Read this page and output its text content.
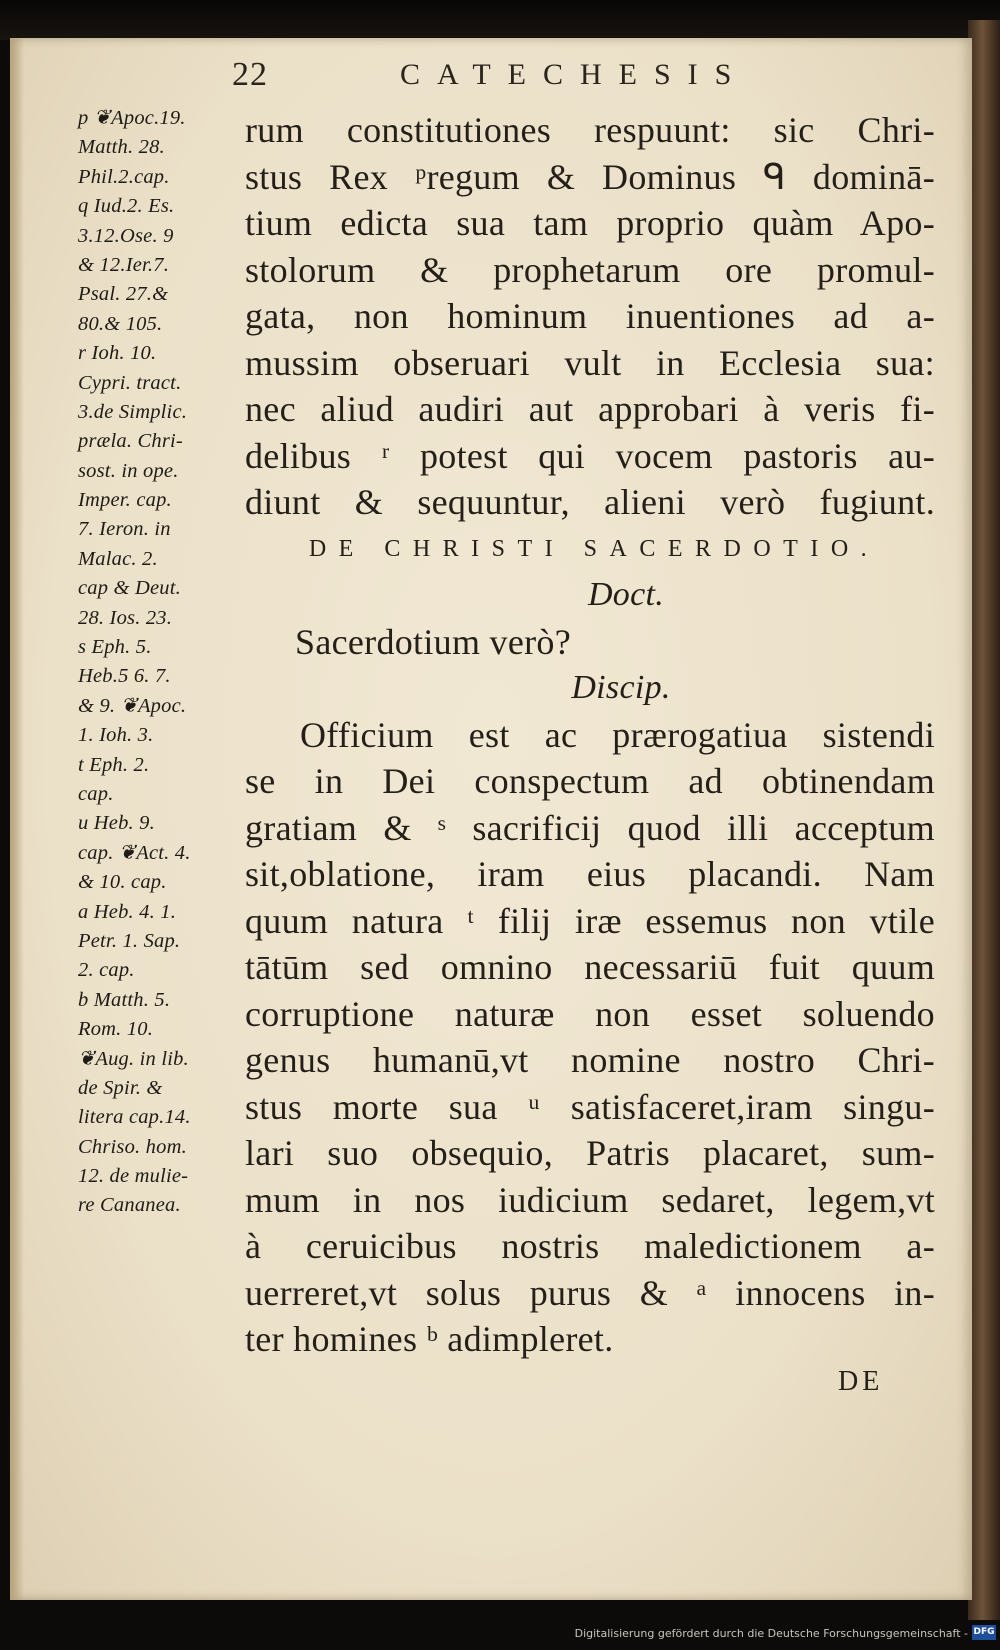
22	CATECHESIS
p ❦Apoc.19.
Matth. 28.
Phil.2.cap.
q Iud.2. Es.
3.12.Ose. 9
& 12.Ier.7.
Psal. 27.&
80.& 105.
r Ioh. 10.
Cypri. tract.
3.de Simplic.
præla. Chri-
sost. in ope.
Imper. cap.
7. Ieron. in
Malac. 2.
cap & Deut.
28. Ios. 23.
s Eph. 5.
Heb.5 6. 7.
& 9. ❦Apoc.
1. Ioh. 3.
t Eph. 2.
cap.
u Heb. 9.
cap. ❦Act. 4.
& 10. cap.
a Heb. 4. 1.
Petr. 1. Sap.
2. cap.
b Matth. 5.
Rom. 10.
❦Aug. in lib.
de Spir. &
litera cap.14.
Chriso. hom.
12. de mulie-
re Cananea.
rum constitutiones respuunt: sic Chri-
stus Rex ᵖregum & Dominus ᑫ dominā-
tium edicta sua tam proprio quàm Apo-
stolorum & prophetarum ore promul-
gata, non hominum inuentiones ad a-
mussim obseruari vult in Ecclesia sua:
nec aliud audiri aut approbari à veris fi-
delibus ʳ potest qui vocem pastoris au-
diunt & sequuntur, alieni verò fugiunt.
DE CHRISTI SACERDOTIO.
Doct.
Sacerdotium verò?
Discip.
Officium est ac prærogatiua sistendi
se in Dei conspectum ad obtinendam
gratiam & ˢ sacrificij quod illi acceptum
sit,oblatione, iram eius placandi. Nam
quum natura ᵗ filij iræ essemus non vtile
tātūm sed omnino necessariū fuit quum
corruptione naturæ non esset soluendo
genus humanū,vt nomine nostro Chri-
stus morte sua ᵘ satisfaceret,iram singu-
lari suo obsequio, Patris placaret, sum-
mum in nos iudicium sedaret, legem,vt
à ceruicibus nostris maledictionem a-
uerreret,vt solus purus & ᵃ innocens in-
ter homines ᵇ adimpleret.
DE
Digitalisierung gefördert durch die Deutsche Forschungsgemeinschaft - DFG
